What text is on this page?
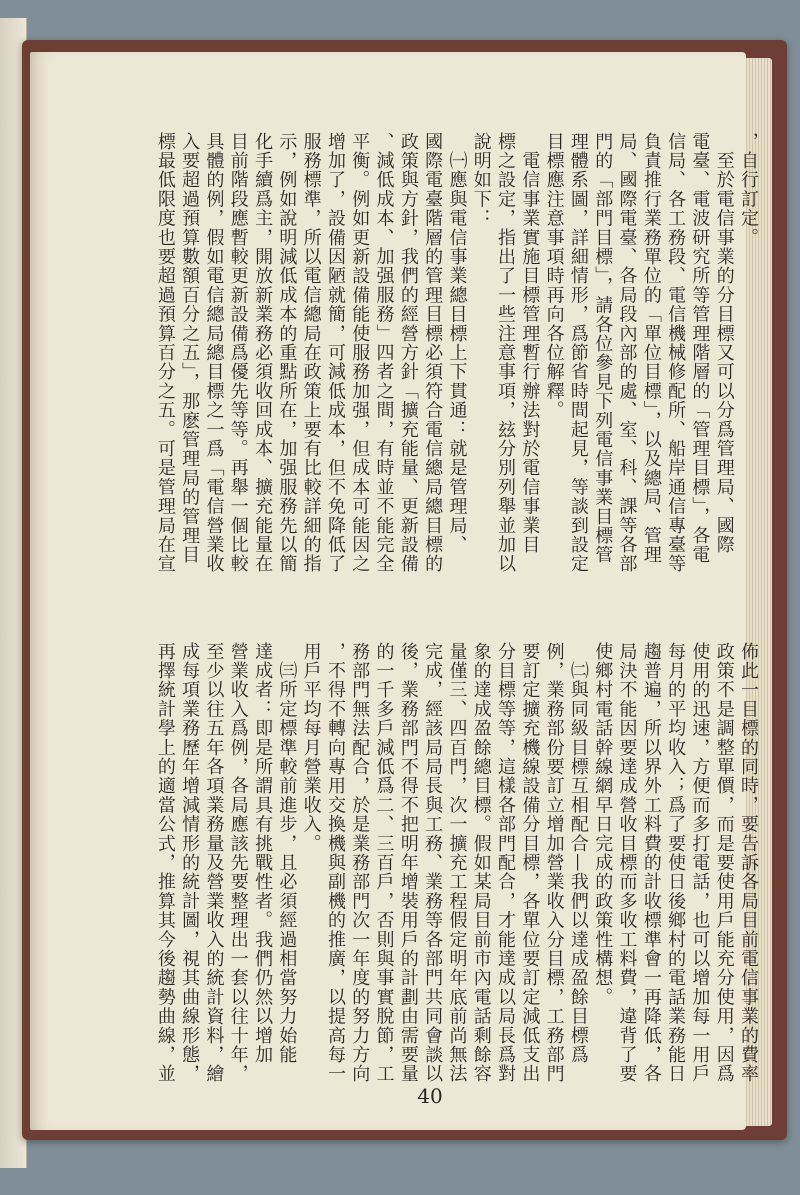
，自行訂定。

　至於電信事業的分目標又可以分爲管理局、國際

電臺、電波研究所等管理階層的「管理目標」，各電

信局、各工務段、電信機械修配所、船岸通信專臺等

負責推行業務單位的「單位目標」，以及總局、管理

局、國際電臺、各局段內部的處、室、科、課等各部

門的「部門目標」，請各位參見下列電信事業目標管

理體系圖，詳細情形，爲節省時間起見，等談到設定

目標應注意事項時再向各位解釋。

　電信事業實施目標管理暫行辦法對於電信事業目

標之設定，指出了一些注意事項，玆分別列舉並加以

說明如下：

　㈠應與電信事業總目標上下貫通：就是管理局、

國際電臺階層的管理目標必須符合電信總局總目標的

政策與方針，我們的經營方針「擴充能量、更新設備

、減低成本、加强服務」四者之間，有時並不能完全

平衡。例如更新設備能使服務加强，但成本可能因之

增加了，設備因陋就簡，可減低成本，但不免降低了

服務標準，所以電信總局在政策上要有比較詳細的指

示，例如說明減低成本的重點所在，加强服務先以簡

化手續爲主，開放新業務必須收回成本、擴充能量在

目前階段應暫較更新設備爲優先等等。再舉一個比較

具體的例，假如電信總局總目標之一爲「電信營業收

入要超過預算數額百分之五」，那麽管理局的管理目

標最低限度也要超過預算百分之五。可是管理局在宣

佈此一目標的同時，要告訴各局目前電信事業的費率

政策不是調整單價，而是要使用戶能充分使用，因爲

使用的迅速，方便而多打電話，也可以增加每一用戶

每月的平均收入；爲了要使日後鄉村的電話業務能日

趨普遍，所以界外工料費的計收標準會一再降低，各

局決不能因要達成營收目標而多收工料費，違背了要

使鄉村電話幹線網早日完成的政策性構想。

　㈡與同級目標互相配合—我們以達成盈餘目標爲

例，業務部份要訂立增加營業收入分目標，工務部門

要訂定擴充機線設備分目標，各單位要訂定減低支出

分目標等等，這樣各部門配合，才能達成以局長爲對

象的達成盈餘總目標。假如某局目前市內電話剩餘容

量僅三、四百門，次一擴充工程假定明年底前尚無法

完成，經該局局長與工務、業務等各部門共同會談以

後，業務部門不得不把明年增裝用戶的計劃由需要量

的一千多戶減低爲二、三百戶，否則與事實脫節，工

務部門無法配合，於是業務部門次一年度的努力方向

，不得不轉向專用交換機與副機的推廣，以提高每一

用戶平均每月營業收入。

　㈢所定標準較前進步，且必須經過相當努力始能

達成者：即是所謂具有挑戰性者。我們仍然以增加

營業收入爲例，各局應該先要整理出一套以往十年，

至少以往五年各項業務量及營業收入的統計資料，繪

成每項業務歷年增減情形的統計圖，視其曲線形態，

再擇統計學上的適當公式，推算其今後趨勢曲線，並

40
